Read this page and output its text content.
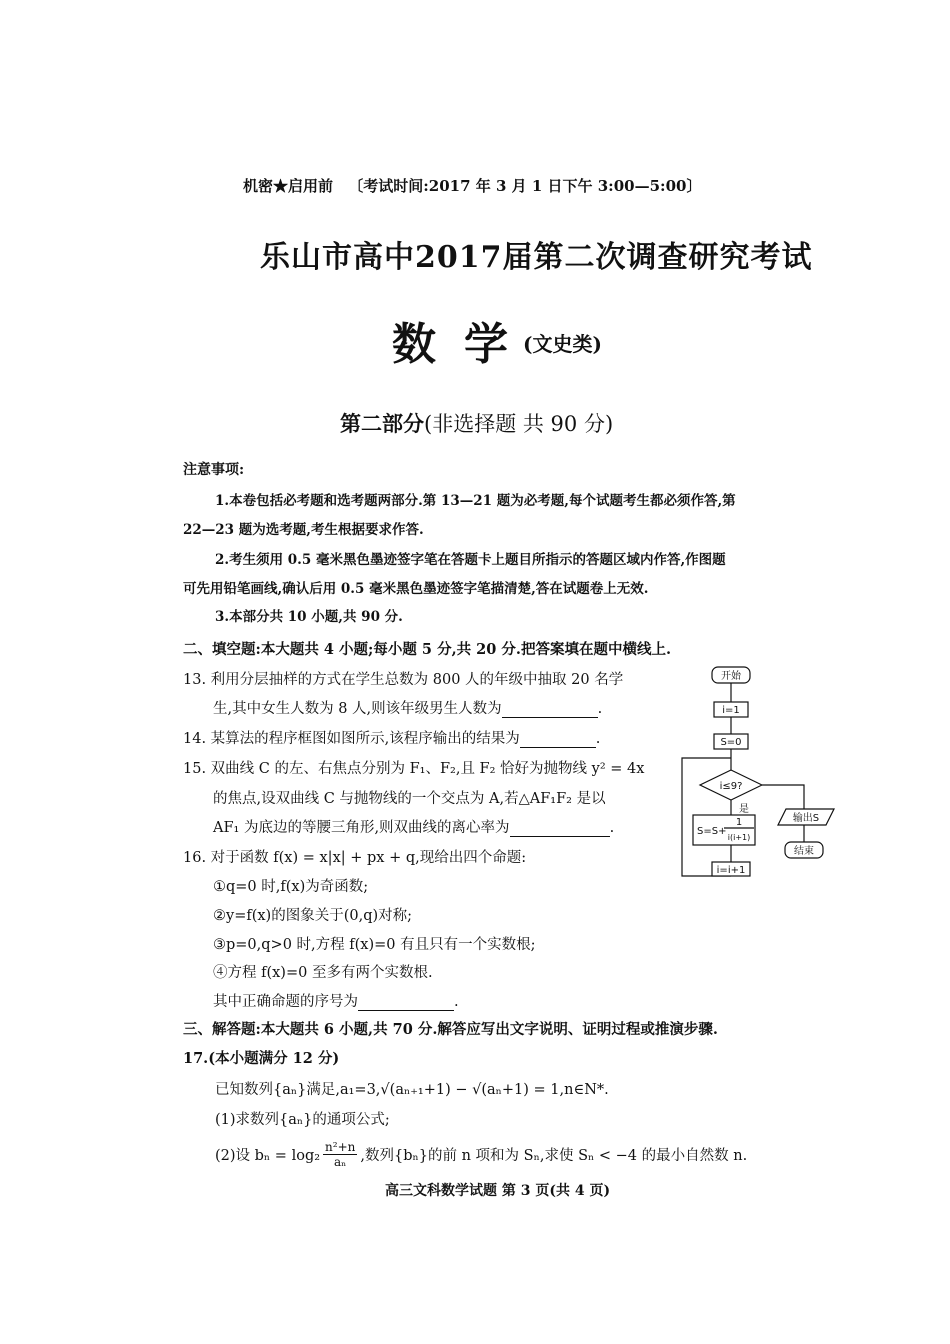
机密★启用前 〔考试时间:2017 年 3 月 1 日下午 3:00—5:00〕
乐山市高中2017届第二次调查研究考试
数学
(文史类)
第二部分(非选择题 共 90 分)
注意事项:
1.本卷包括必考题和选考题两部分.第 13—21 题为必考题,每个试题考生都必须作答,第
22—23 题为选考题,考生根据要求作答.
2.考生须用 0.5 毫米黑色墨迹签字笔在答题卡上题目所指示的答题区域内作答,作图题
可先用铅笔画线,确认后用 0.5 毫米黑色墨迹签字笔描清楚,答在试题卷上无效.
3.本部分共 10 小题,共 90 分.
二、填空题:本大题共 4 小题;每小题 5 分,共 20 分.把答案填在题中横线上.
13. 利用分层抽样的方式在学生总数为 800 人的年级中抽取 20 名学
生,其中女生人数为 8 人,则该年级男生人数为	.
14. 某算法的程序框图如图所示,该程序输出的结果为	.
15. 双曲线 C 的左、右焦点分别为 F₁、F₂,且 F₂ 恰好为抛物线 y² = 4x
的焦点,设双曲线 C 与抛物线的一个交点为 A,若△AF₁F₂ 是以
AF₁ 为底边的等腰三角形,则双曲线的离心率为	.
16. 对于函数 f(x) = x|x| + px + q,现给出四个命题:
①q=0 时,f(x)为奇函数;
②y=f(x)的图象关于(0,q)对称;
③p=0,q>0 时,方程 f(x)=0 有且只有一个实数根;
④方程 f(x)=0 至多有两个实数根.
其中正确命题的序号为	.
三、解答题:本大题共 6 小题,共 70 分.解答应写出文字说明、证明过程或推演步骤.
17.(本小题满分 12 分)
已知数列{aₙ}满足,a₁=3,√(aₙ₊₁+1) − √(aₙ+1) = 1,n∈N*.
(1)求数列{aₙ}的通项公式;
(2)设 $b_n = \log_2 \frac{\text{n²+n}}{\text{aₙ}}$ ,数列{bₙ}的前 n 项和为 Sₙ,求使 Sₙ < −4 的最小自然数 n.
高三文科数学试题 第 3 页(共 4 页)
开始
i=1
S=0
i≤9?
是
S=S+
1
i(i+1)
i=i+1
输出S
结束
